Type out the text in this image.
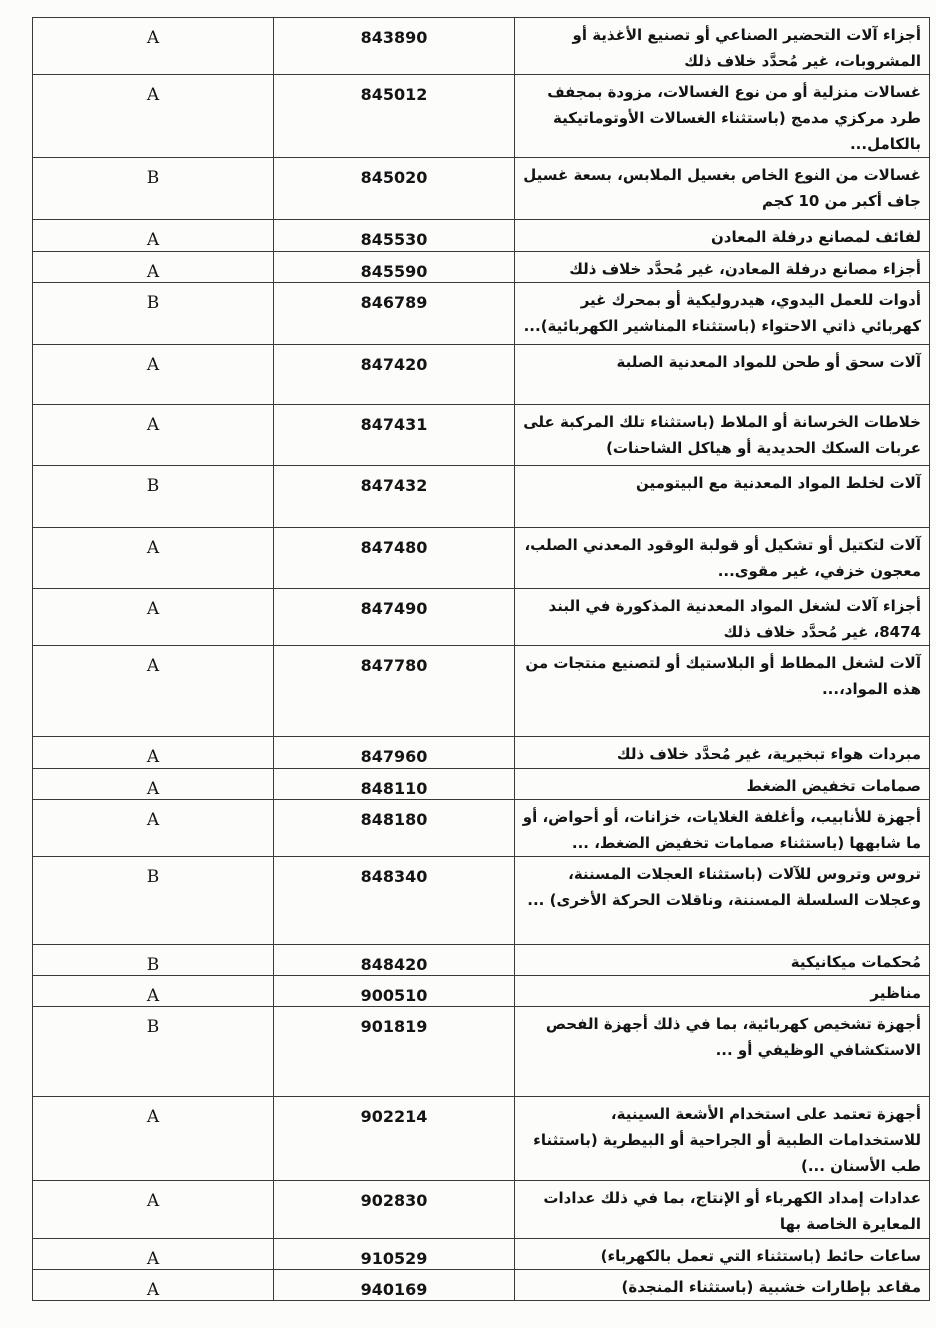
A	843890	أجزاء آلات التحضير الصناعي أو تصنيع الأغذية أو المشروبات، غير مُحدَّد خلاف ذلك
A	845012	غسالات منزلية أو من نوع الغسالات، مزودة بمجفف طرد مركزي مدمج (باستثناء الغسالات الأوتوماتيكية بالكامل...
B	845020	غسالات من النوع الخاص بغسيل الملابس، بسعة غسيل جاف أكبر من 10 كجم
A	845530	لفائف لمصانع درفلة المعادن
A	845590	أجزاء مصانع درفلة المعادن، غير مُحدَّد خلاف ذلك
B	846789	أدوات للعمل اليدوي، هيدروليكية أو بمحرك غير كهربائي ذاتي الاحتواء (باستثناء المناشير الكهربائية)...
A	847420	آلات سحق أو طحن للمواد المعدنية الصلبة
A	847431	خلاطات الخرسانة أو الملاط (باستثناء تلك المركبة على عربات السكك الحديدية أو هياكل الشاحنات)
B	847432	آلات لخلط المواد المعدنية مع البيتومين
A	847480	آلات لتكتيل أو تشكيل أو قولبة الوقود المعدني الصلب، معجون خزفي، غير مقوى...
A	847490	أجزاء آلات لشغل المواد المعدنية المذكورة في البند 8474، غير مُحدَّد خلاف ذلك
A	847780	آلات لشغل المطاط أو البلاستيك أو لتصنيع منتجات من هذه المواد،...
A	847960	مبردات هواء تبخيرية، غير مُحدَّد خلاف ذلك
A	848110	صمامات تخفيض الضغط
A	848180	أجهزة للأنابيب، وأغلفة الغلايات، خزانات، أو أحواض، أو ما شابهها (باستثناء صمامات تخفيض الضغط، ...
B	848340	تروس وتروس للآلات (باستثناء العجلات المسننة، وعجلات السلسلة المسننة، وناقلات الحركة الأخرى) ...
B	848420	مُحكمات ميكانيكية
A	900510	مناظير
B	901819	أجهزة تشخيص كهربائية، بما في ذلك أجهزة الفحص الاستكشافي الوظيفي أو ...
A	902214	أجهزة تعتمد على استخدام الأشعة السينية، للاستخدامات الطبية أو الجراحية أو البيطرية (باستثناء طب الأسنان ...)
A	902830	عدادات إمداد الكهرباء أو الإنتاج، بما في ذلك عدادات المعايرة الخاصة بها
A	910529	ساعات حائط (باستثناء التي تعمل بالكهرباء)
A	940169	مقاعد بإطارات خشبية (باستثناء المنجدة)
